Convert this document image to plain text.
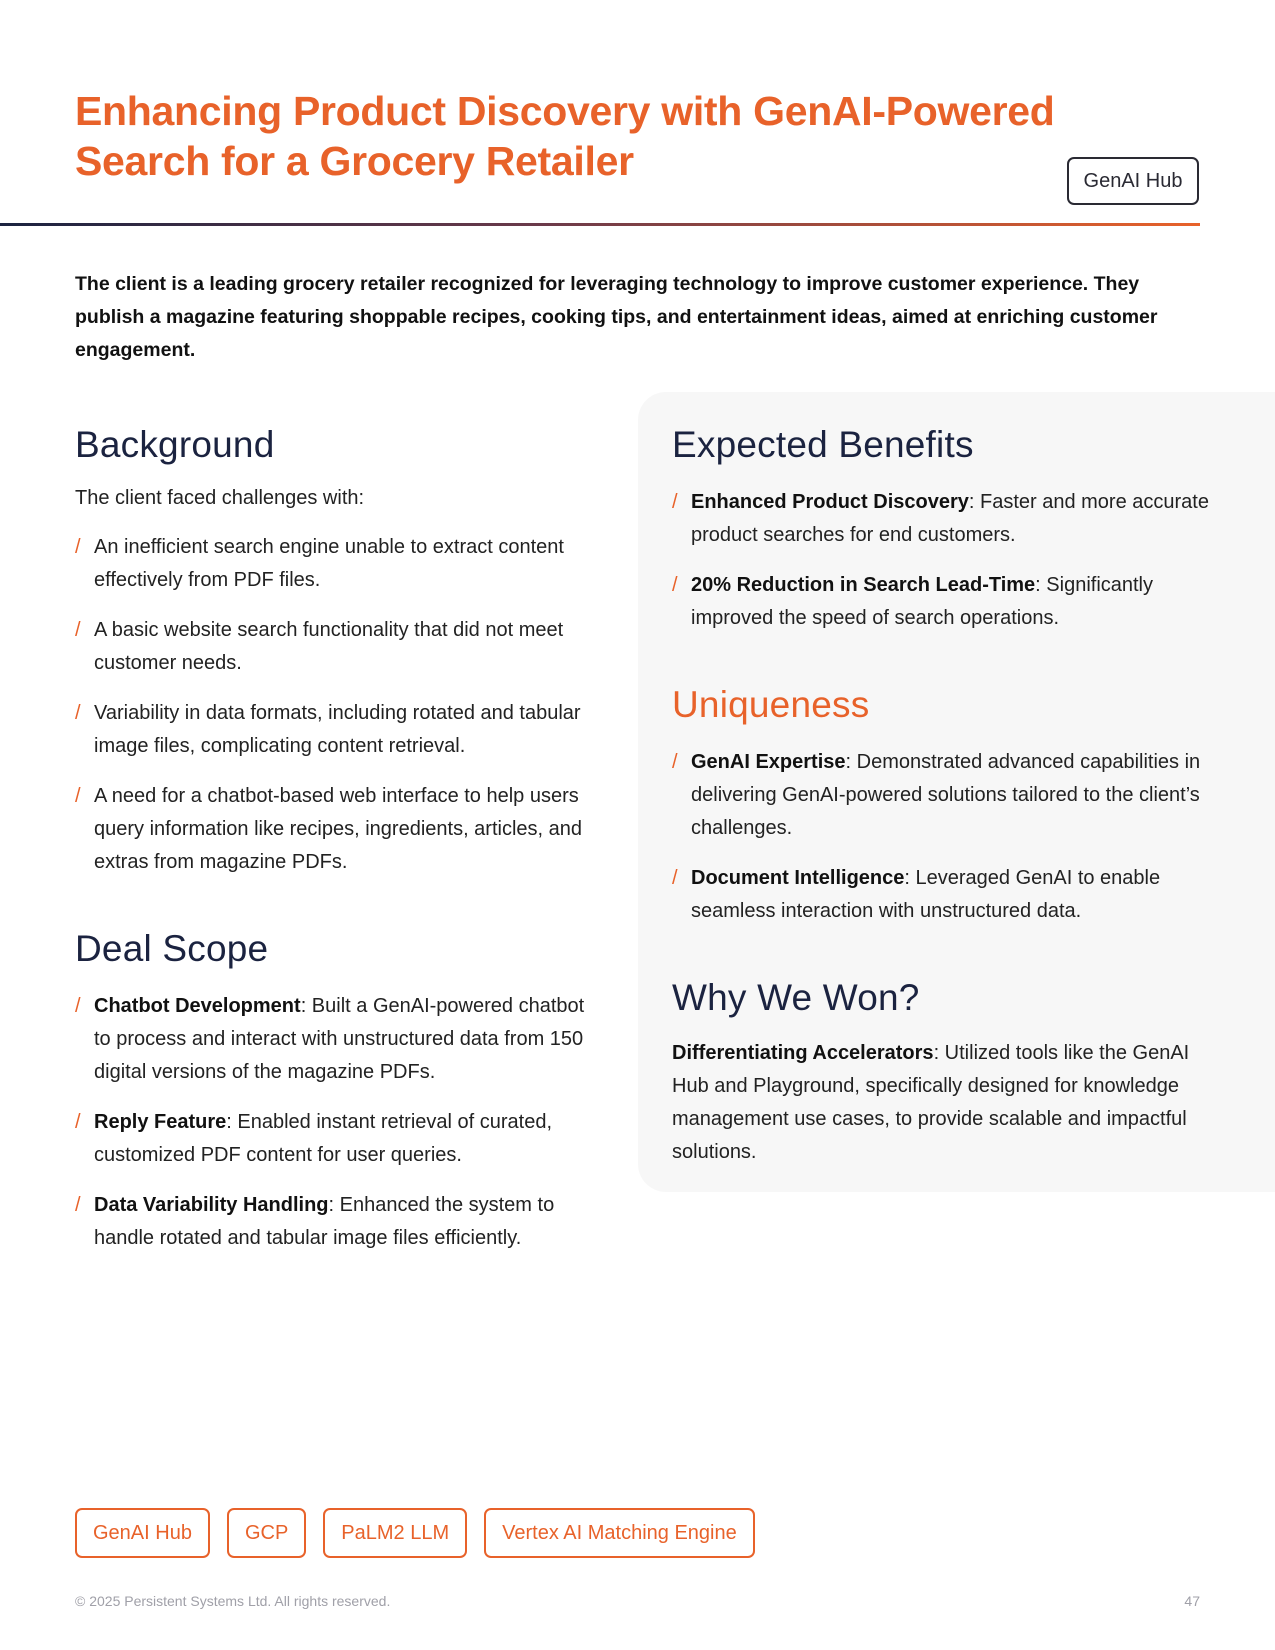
Enhancing Product Discovery with GenAI-Powered
Search for a Grocery Retailer	GenAI Hub

The client is a leading grocery retailer recognized for leveraging technology to improve customer experience. They publish a magazine featuring shoppable recipes, cooking tips, and entertainment ideas, aimed at enriching customer engagement.

Background

The client faced challenges with:

/ An inefficient search engine unable to extract content effectively from PDF files.
/ A basic website search functionality that did not meet customer needs.
/ Variability in data formats, including rotated and tabular image files, complicating content retrieval.
/ A need for a chatbot-based web interface to help users query information like recipes, ingredients, articles, and extras from magazine PDFs.
Deal Scope
/ Chatbot Development: Built a GenAI-powered chatbot to process and interact with unstructured data from 150 digital versions of the magazine PDFs.
/ Reply Feature: Enabled instant retrieval of curated, customized PDF content for user queries.
/ Data Variability Handling: Enhanced the system to handle rotated and tabular image files efficiently.
Expected Benefits
/ Enhanced Product Discovery: Faster and more accurate product searches for end customers.
/ 20% Reduction in Search Lead-Time: Significantly improved the speed of search operations.
Uniqueness
/ GenAI Expertise: Demonstrated advanced capabilities in delivering GenAI-powered solutions tailored to the client’s challenges.
/ Document Intelligence: Leveraged GenAI to enable seamless interaction with unstructured data.
Why We Won?

Differentiating Accelerators: Utilized tools like the GenAI Hub and Playground, specifically designed for knowledge management use cases, to provide scalable and impactful solutions.

GenAI Hub	GCP	PaLM2 LLM	Vertex AI Matching Engine
© 2025 Persistent Systems Ltd. All rights reserved.	47
